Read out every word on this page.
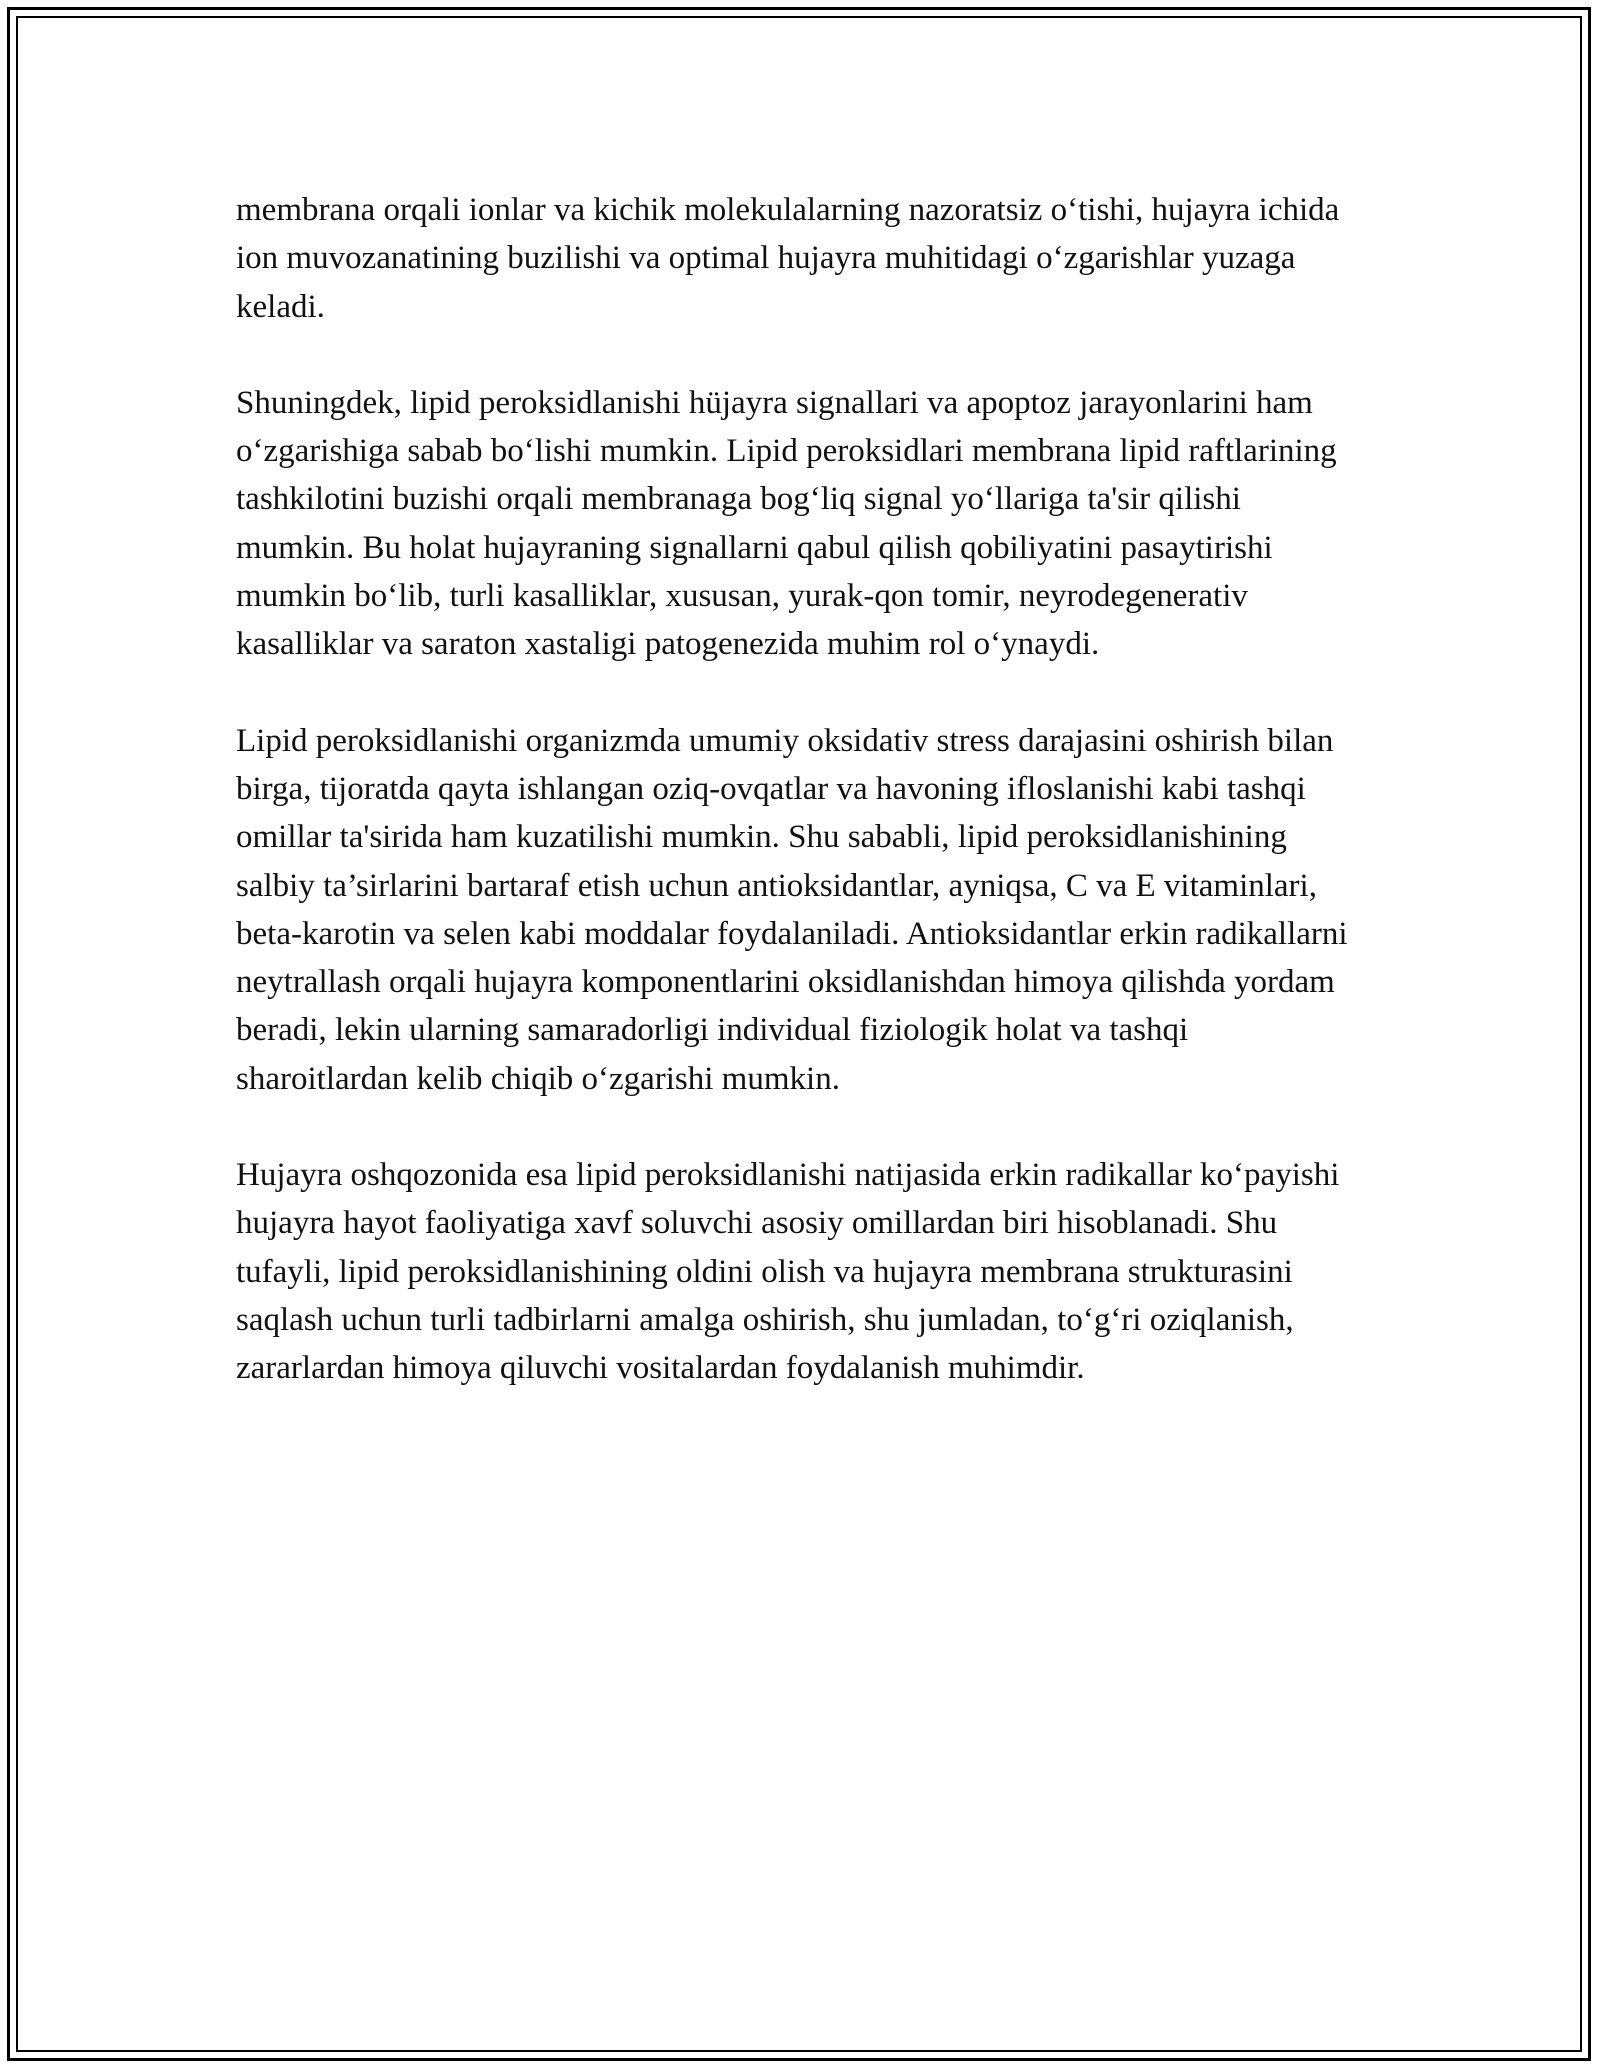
membrana orqali ionlar va kichik molekulalarning nazoratsiz o‘tishi, hujayra ichida ion muvozanatining buzilishi va optimal hujayra muhitidagi o‘zgarishlar yuzaga keladi.

Shuningdek, lipid peroksidlanishi hüjayra signallari va apoptoz jarayonlarini ham o‘zgarishiga sabab bo‘lishi mumkin. Lipid peroksidlari membrana lipid raftlarining tashkilotini buzishi orqali membranaga bog‘liq signal yo‘llariga ta'sir qilishi mumkin. Bu holat hujayraning signallarni qabul qilish qobiliyatini pasaytirishi mumkin bo‘lib, turli kasalliklar, xususan, yurak-qon tomir, neyrodegenerativ kasalliklar va saraton xastaligi patogenezida muhim rol o‘ynaydi.

Lipid peroksidlanishi organizmda umumiy oksidativ stress darajasini oshirish bilan birga, tijoratda qayta ishlangan oziq-ovqatlar va havoning ifloslanishi kabi tashqi omillar ta'sirida ham kuzatilishi mumkin. Shu sababli, lipid peroksidlanishining salbiy ta’sirlarini bartaraf etish uchun antioksidantlar, ayniqsa, C va E vitaminlari, beta-karotin va selen kabi moddalar foydalaniladi. Antioksidantlar erkin radikallarni neytrallash orqali hujayra komponentlarini oksidlanishdan himoya qilishda yordam beradi, lekin ularning samaradorligi individual fiziologik holat va tashqi sharoitlardan kelib chiqib o‘zgarishi mumkin.

Hujayra oshqozonida esa lipid peroksidlanishi natijasida erkin radikallar ko‘payishi hujayra hayot faoliyatiga xavf soluvchi asosiy omillardan biri hisoblanadi. Shu tufayli, lipid peroksidlanishining oldini olish va hujayra membrana strukturasini saqlash uchun turli tadbirlarni amalga oshirish, shu jumladan, to‘g‘ri oziqlanish, zararlardan himoya qiluvchi vositalardan foydalanish muhimdir.
